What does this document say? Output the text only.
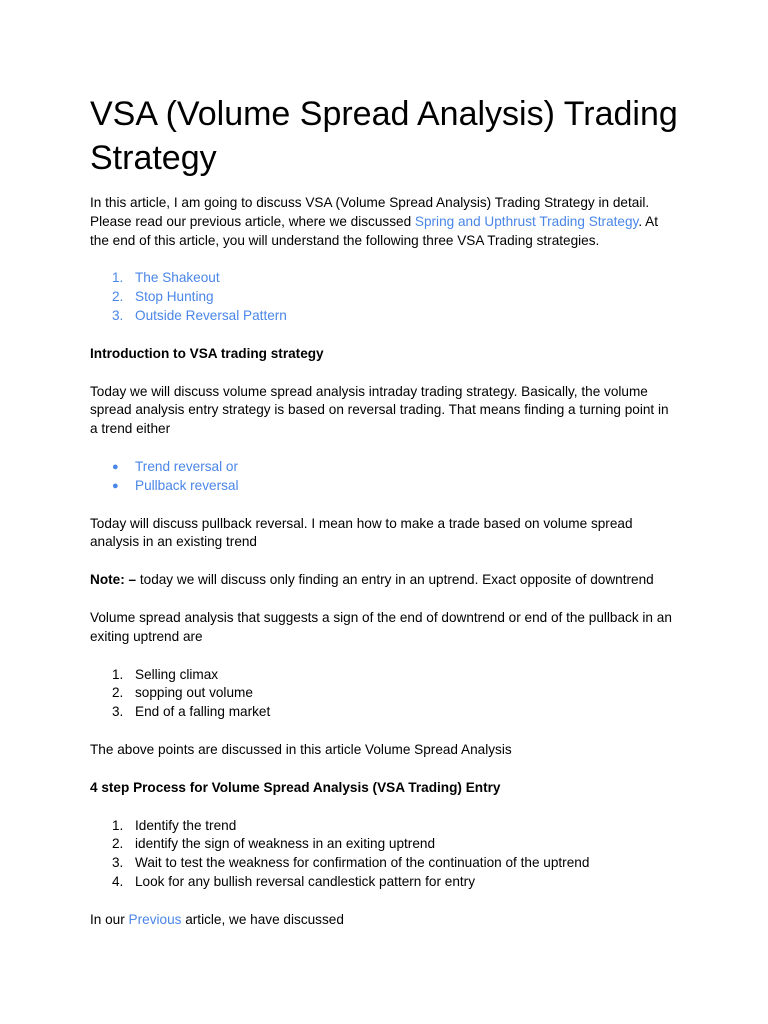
VSA (Volume Spread Analysis) Trading Strategy

In this article, I am going to discuss VSA (Volume Spread Analysis) Trading Strategy in detail. Please read our previous article, where we discussed Spring and Upthrust Trading Strategy. At the end of this article, you will understand the following three VSA Trading strategies.

1. The Shakeout
2. Stop Hunting
3. Outside Reversal Pattern

Introduction to VSA trading strategy

Today we will discuss volume spread analysis intraday trading strategy. Basically, the volume spread analysis entry strategy is based on reversal trading. That means finding a turning point in a trend either

●	Trend reversal or
●	Pullback reversal

Today will discuss pullback reversal. I mean how to make a trade based on volume spread analysis in an existing trend

Note: – today we will discuss only finding an entry in an uptrend. Exact opposite of downtrend

Volume spread analysis that suggests a sign of the end of downtrend or end of the pullback in an exiting uptrend are

1. Selling climax
2. sopping out volume
3. End of a falling market

The above points are discussed in this article Volume Spread Analysis

4 step Process for Volume Spread Analysis (VSA Trading) Entry

1. Identify the trend
2. identify the sign of weakness in an exiting uptrend
3. Wait to test the weakness for confirmation of the continuation of the uptrend
4. Look for any bullish reversal candlestick pattern for entry

In our Previous article, we have discussed
